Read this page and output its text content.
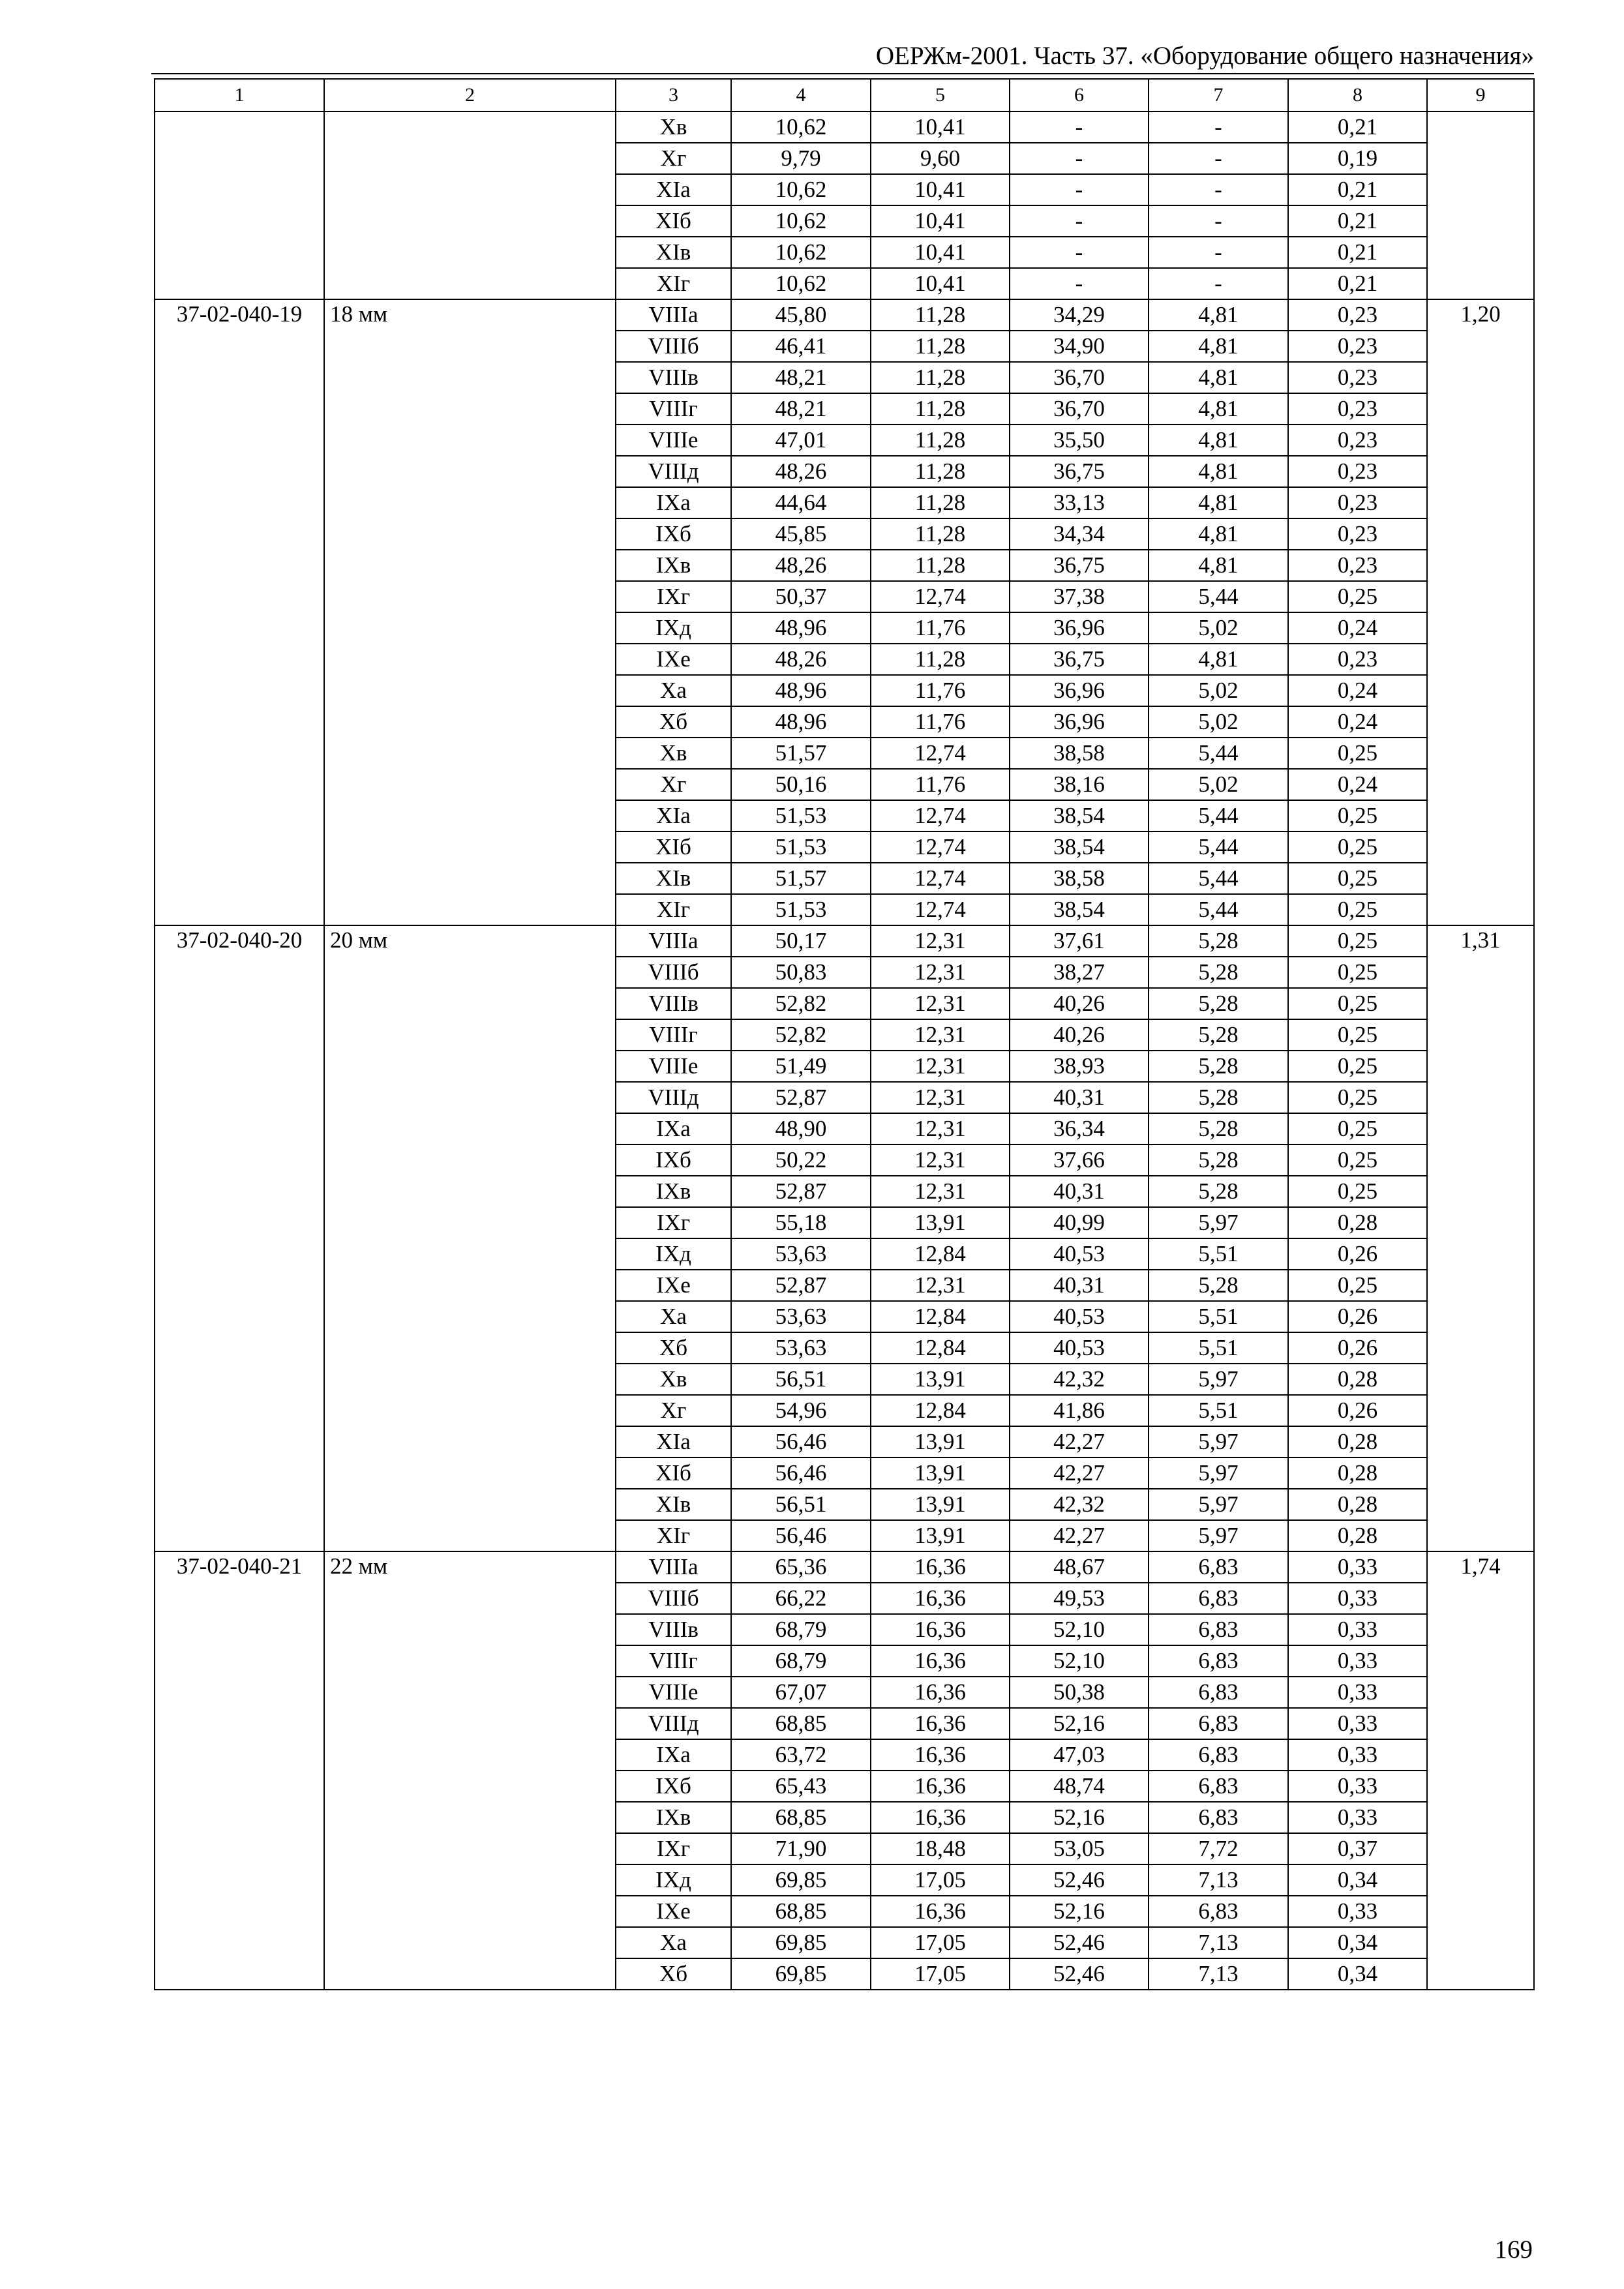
ОЕРЖм-2001. Часть 37. «Оборудование общего назначения»
1	2	3	4	5	6	7	8	9
		Хв	10,62	10,41	-	-	0,21	
		Хг	9,79	9,60	-	-	0,19	
		ХIа	10,62	10,41	-	-	0,21	
		ХIб	10,62	10,41	-	-	0,21	
		ХIв	10,62	10,41	-	-	0,21	
		ХIг	10,62	10,41	-	-	0,21	
37-02-040-19	18 мм	VIIIа	45,80	11,28	34,29	4,81	0,23	1,20
		VIIIб	46,41	11,28	34,90	4,81	0,23	
		VIIIв	48,21	11,28	36,70	4,81	0,23	
		VIIIг	48,21	11,28	36,70	4,81	0,23	
		VIIIе	47,01	11,28	35,50	4,81	0,23	
		VIIIд	48,26	11,28	36,75	4,81	0,23	
		IХа	44,64	11,28	33,13	4,81	0,23	
		IХб	45,85	11,28	34,34	4,81	0,23	
		IХв	48,26	11,28	36,75	4,81	0,23	
		IХг	50,37	12,74	37,38	5,44	0,25	
		IХд	48,96	11,76	36,96	5,02	0,24	
		IХе	48,26	11,28	36,75	4,81	0,23	
		Ха	48,96	11,76	36,96	5,02	0,24	
		Хб	48,96	11,76	36,96	5,02	0,24	
		Хв	51,57	12,74	38,58	5,44	0,25	
		Хг	50,16	11,76	38,16	5,02	0,24	
		ХIа	51,53	12,74	38,54	5,44	0,25	
		ХIб	51,53	12,74	38,54	5,44	0,25	
		ХIв	51,57	12,74	38,58	5,44	0,25	
		ХIг	51,53	12,74	38,54	5,44	0,25	
37-02-040-20	20 мм	VIIIа	50,17	12,31	37,61	5,28	0,25	1,31
		VIIIб	50,83	12,31	38,27	5,28	0,25	
		VIIIв	52,82	12,31	40,26	5,28	0,25	
		VIIIг	52,82	12,31	40,26	5,28	0,25	
		VIIIе	51,49	12,31	38,93	5,28	0,25	
		VIIIд	52,87	12,31	40,31	5,28	0,25	
		IХа	48,90	12,31	36,34	5,28	0,25	
		IХб	50,22	12,31	37,66	5,28	0,25	
		IХв	52,87	12,31	40,31	5,28	0,25	
		IХг	55,18	13,91	40,99	5,97	0,28	
		IХд	53,63	12,84	40,53	5,51	0,26	
		IХе	52,87	12,31	40,31	5,28	0,25	
		Ха	53,63	12,84	40,53	5,51	0,26	
		Хб	53,63	12,84	40,53	5,51	0,26	
		Хв	56,51	13,91	42,32	5,97	0,28	
		Хг	54,96	12,84	41,86	5,51	0,26	
		ХIа	56,46	13,91	42,27	5,97	0,28	
		ХIб	56,46	13,91	42,27	5,97	0,28	
		ХIв	56,51	13,91	42,32	5,97	0,28	
		ХIг	56,46	13,91	42,27	5,97	0,28	
37-02-040-21	22 мм	VIIIа	65,36	16,36	48,67	6,83	0,33	1,74
		VIIIб	66,22	16,36	49,53	6,83	0,33	
		VIIIв	68,79	16,36	52,10	6,83	0,33	
		VIIIг	68,79	16,36	52,10	6,83	0,33	
		VIIIе	67,07	16,36	50,38	6,83	0,33	
		VIIIд	68,85	16,36	52,16	6,83	0,33	
		IХа	63,72	16,36	47,03	6,83	0,33	
		IХб	65,43	16,36	48,74	6,83	0,33	
		IХв	68,85	16,36	52,16	6,83	0,33	
		IХг	71,90	18,48	53,05	7,72	0,37	
		IХд	69,85	17,05	52,46	7,13	0,34	
		IХе	68,85	16,36	52,16	6,83	0,33	
		Ха	69,85	17,05	52,46	7,13	0,34	
		Хб	69,85	17,05	52,46	7,13	0,34	
169
